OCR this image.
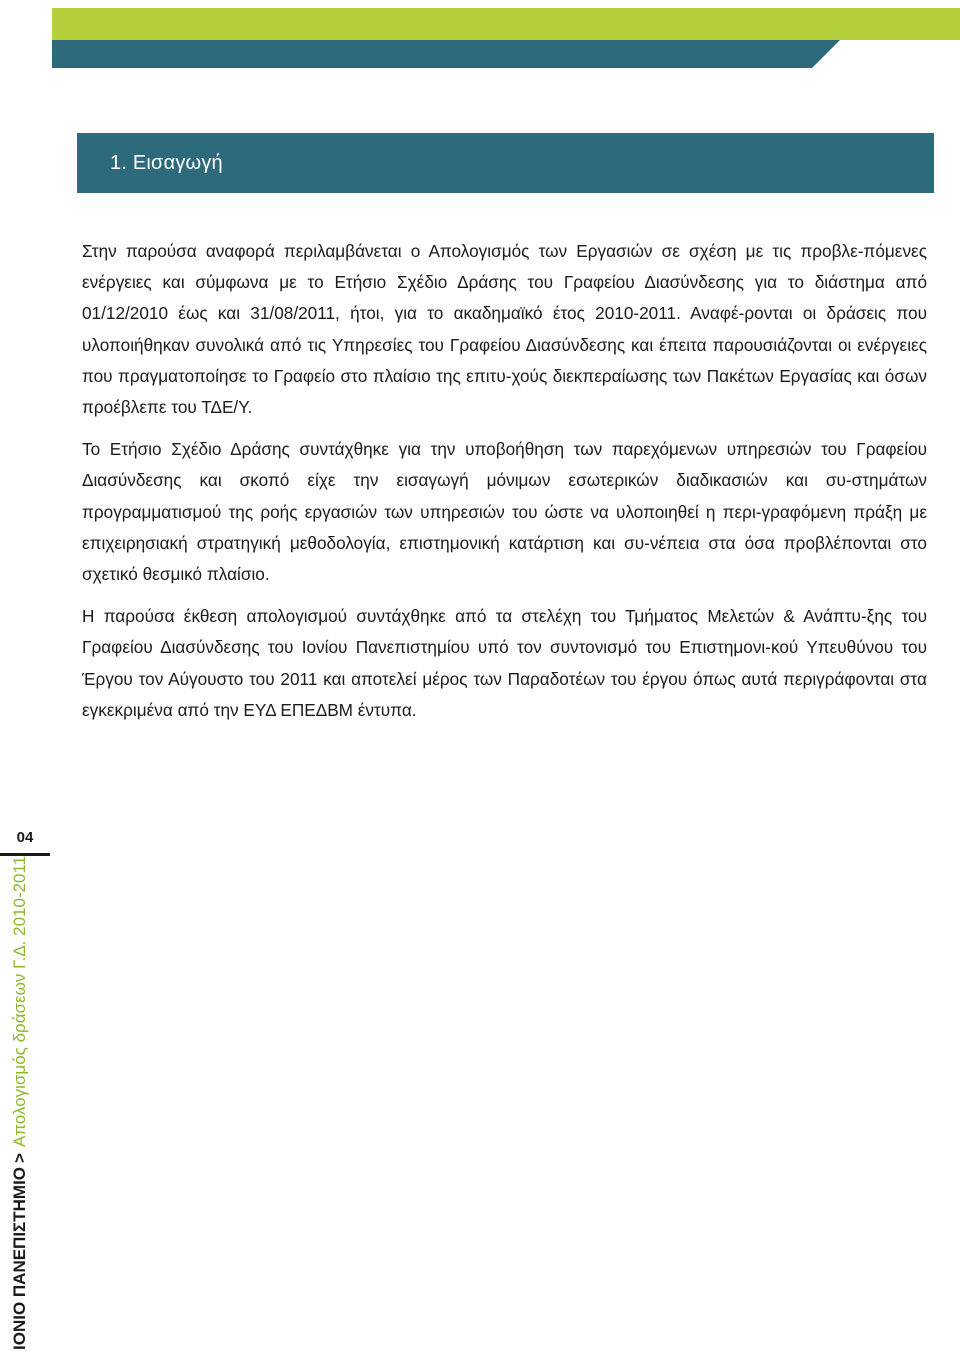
1. Εισαγωγή

Στην παρούσα αναφορά περιλαμβάνεται ο Απολογισμός των Εργασιών σε σχέση με τις προβλε-πόμενες ενέργειες και σύμφωνα με το Ετήσιο Σχέδιο Δράσης του Γραφείου Διασύνδεσης για το διάστημα από 01/12/2010 έως και 31/08/2011, ήτοι, για το ακαδημαϊκό έτος 2010-2011. Αναφέ-ρονται οι δράσεις που υλοποιήθηκαν συνολικά από τις Υπηρεσίες του Γραφείου Διασύνδεσης και έπειτα παρουσιάζονται οι ενέργειες που πραγματοποίησε το Γραφείο στο πλαίσιο της επιτυ-χούς διεκπεραίωσης των Πακέτων Εργασίας και όσων προέβλεπε του ΤΔΕ/Υ.

Το Ετήσιο Σχέδιο Δράσης συντάχθηκε για την υποβοήθηση των παρεχόμενων υπηρεσιών του Γραφείου Διασύνδεσης και σκοπό είχε την εισαγωγή μόνιμων εσωτερικών διαδικασιών και συ-στημάτων προγραμματισμού της ροής εργασιών των υπηρεσιών του ώστε να υλοποιηθεί η περι-γραφόμενη πράξη με επιχειρησιακή στρατηγική μεθοδολογία, επιστημονική κατάρτιση και συ-νέπεια στα όσα προβλέπονται στο σχετικό θεσμικό πλαίσιο.

Η παρούσα έκθεση απολογισμού συντάχθηκε από τα στελέχη του Τμήματος Μελετών & Ανάπτυ-ξης του Γραφείου Διασύνδεσης του Ιονίου Πανεπιστημίου υπό τον συντονισμό του Επιστημονι-κού Υπευθύνου του Έργου τον Αύγουστο του 2011 και αποτελεί μέρος των Παραδοτέων του έργου όπως αυτά περιγράφονται στα εγκεκριμένα από την ΕΥΔ ΕΠΕΔΒΜ έντυπα.

04
ΙΟΝΙΟ ΠΑΝΕΠΙΣΤΗΜΙΟ>Απολογισμός δράσεων Γ.Δ. 2010-2011
